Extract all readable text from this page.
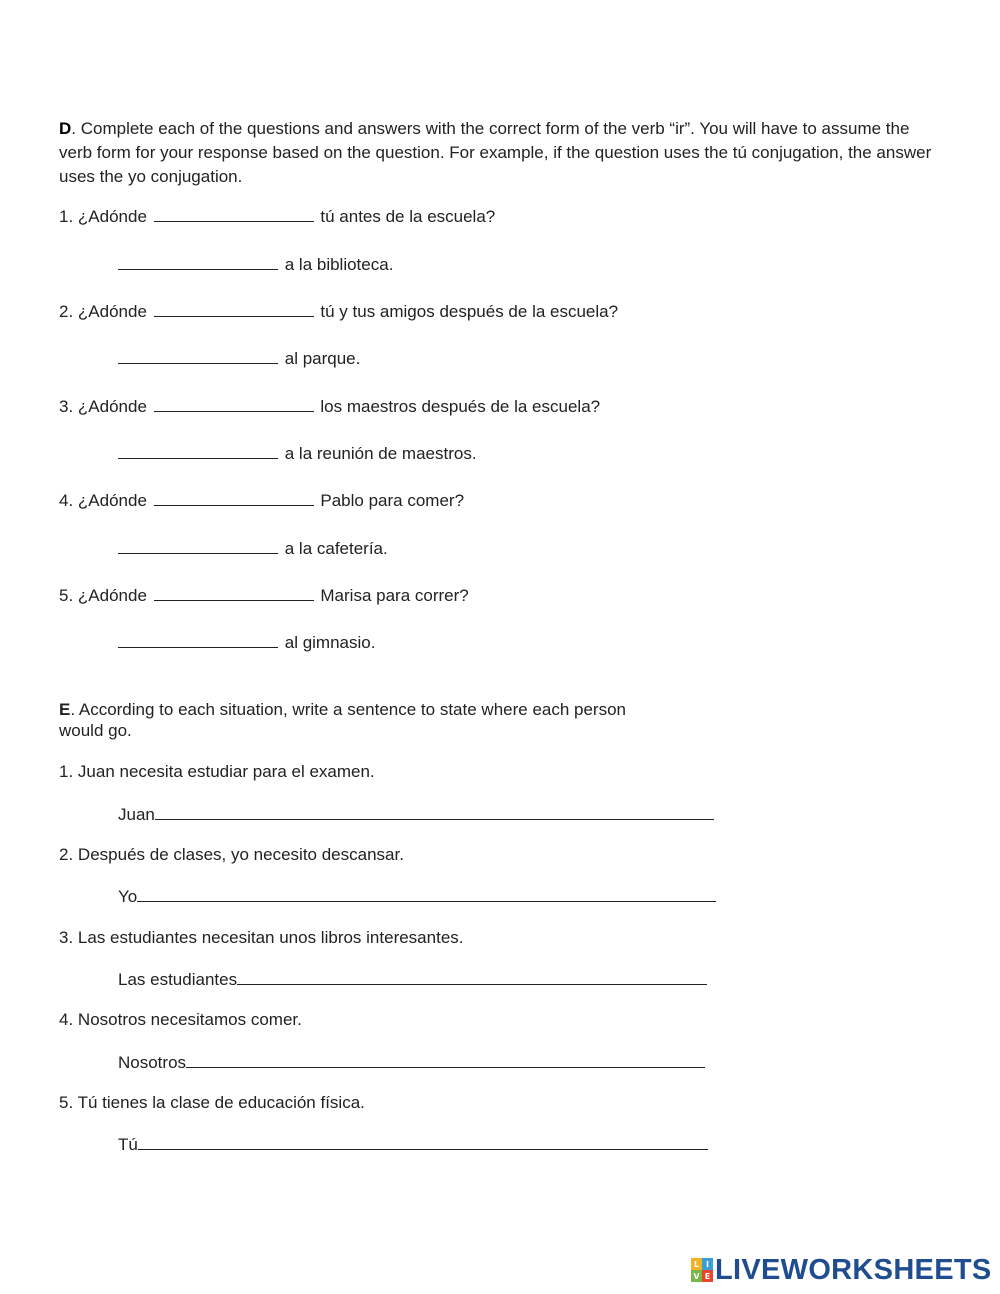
D. Complete each of the questions and answers with the correct form of the verb “ir”. You will have to assume the verb form for your response based on the question. For example, if the question uses the tú conjugation, the answer uses the yo conjugation.
1. ¿Adónde	tú antes de la escuela?
a la biblioteca.
2. ¿Adónde	tú y tus amigos después de la escuela?
al parque.
3. ¿Adónde	los maestros después de la escuela?
a la reunión de maestros.
4. ¿Adónde	Pablo para comer?
a la cafetería.
5. ¿Adónde	Marisa para correr?
al gimnasio.
E. According to each situation, write a sentence to state where each person
would go.
1. Juan necesita estudiar para el examen.
Juan
2. Después de clases, yo necesito descansar.
Yo
3. Las estudiantes necesitan unos libros interesantes.
Las estudiantes
4. Nosotros necesitamos comer.
Nosotros
5. Tú tienes la clase de educación física.
Tú
L I
V E LIVEWORKSHEETS
